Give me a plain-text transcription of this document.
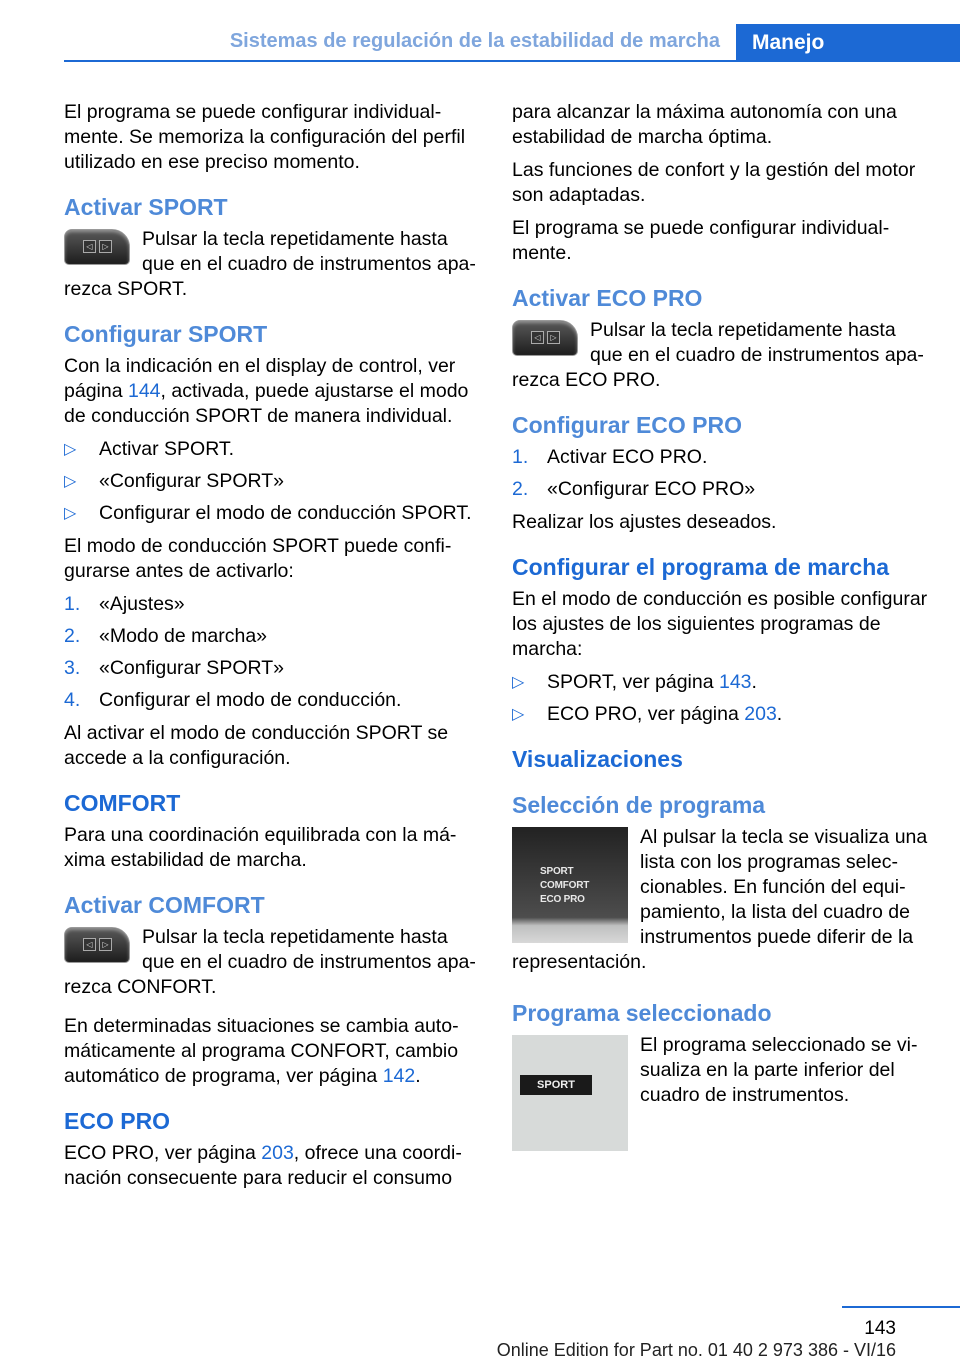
Sistemas de regulación de la estabilidad de marcha	Manejo

El programa se puede configurar individualmente. Se memoriza la configuración del perfil utilizado en ese preciso momento.

Activar SPORT
◁	▷ Pulsar la tecla repetidamente hasta que en el cuadro de instrumentos aparezca SPORT.
Configurar SPORT

Con la indicación en el display de control, ver página 144, activada, puede ajustarse el modo de conducción SPORT de manera individual.

▷ Activar SPORT.
▷ «Configurar SPORT»
▷ Configurar el modo de conducción SPORT.

El modo de conducción SPORT puede configurarse antes de activarlo:

1. «Ajustes»
2. «Modo de marcha»
3. «Configurar SPORT»
4. Configurar el modo de conducción.

Al activar el modo de conducción SPORT se accede a la configuración.

COMFORT

Para una coordinación equilibrada con la máxima estabilidad de marcha.

Activar COMFORT
◁	▷ Pulsar la tecla repetidamente hasta que en el cuadro de instrumentos aparezca CONFORT.

En determinadas situaciones se cambia automáticamente al programa CONFORT, cambio automático de programa, ver página 142.

ECO PRO

ECO PRO, ver página 203, ofrece una coordinación consecuente para reducir el consumo

para alcanzar la máxima autonomía con una estabilidad de marcha óptima.

Las funciones de confort y la gestión del motor son adaptadas.

El programa se puede configurar individualmente.

Activar ECO PRO
◁	▷ Pulsar la tecla repetidamente hasta que en el cuadro de instrumentos aparezca ECO PRO.
Configurar ECO PRO
1. Activar ECO PRO.
2. «Configurar ECO PRO»

Realizar los ajustes deseados.

Configurar el programa de marcha

En el modo de conducción es posible configurar los ajustes de los siguientes programas de marcha:

▷ SPORT, ver página 143.
▷ ECO PRO, ver página 203.
Visualizaciones
Selección de programa
SPORT
COMFORT
ECO PRO
Al pulsar la tecla se visualiza una lista con los programas seleccionables. En función del equipamiento, la lista del cuadro de instrumentos puede diferir de la representación.
Programa seleccionado
SPORT
El programa seleccionado se visualiza en la parte inferior del cuadro de instrumentos.
143
Online Edition for Part no. 01 40 2 973 386 - VI/16
